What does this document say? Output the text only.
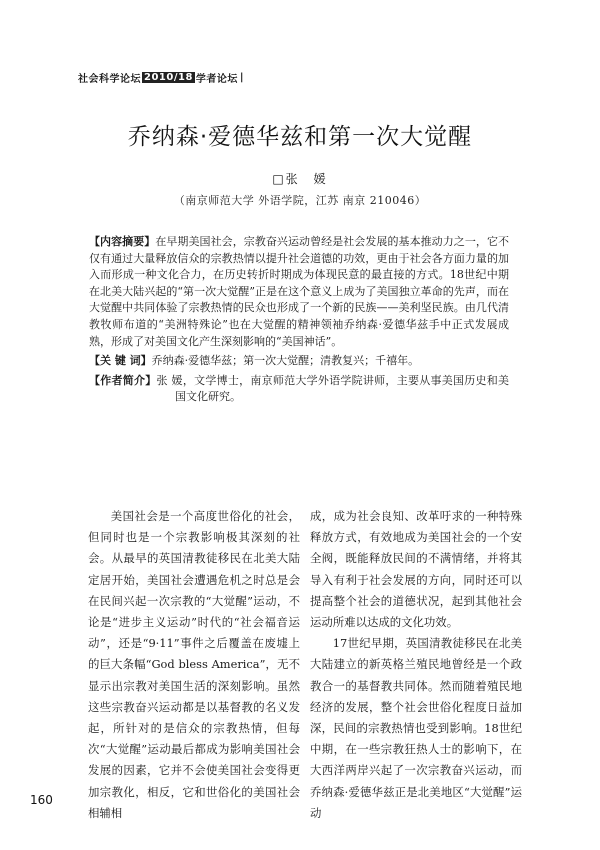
社会科学论坛 2010/18 学者论坛 |
乔纳森·爱德华兹和第一次大觉醒
□张　媛
（南京师范大学 外语学院，江苏 南京 210046）

【内容摘要】在早期美国社会，宗教奋兴运动曾经是社会发展的基本推动力之一，它不仅有通过大量释放信众的宗教热情以提升社会道德的功效，更由于社会各方面力量的加入而形成一种文化合力，在历史转折时期成为体现民意的最直接的方式。18世纪中期在北美大陆兴起的“第一次大觉醒”正是在这个意义上成为了美国独立革命的先声，而在大觉醒中共同体验了宗教热情的民众也形成了一个新的民族——美利坚民族。由几代清教牧师布道的“美洲特殊论”也在大觉醒的精神领袖乔纳森·爱德华兹手中正式发展成熟，形成了对美国文化产生深刻影响的“美国神话”。

【关 键 词】乔纳森·爱德华兹；第一次大觉醒；清教复兴；千禧年。

【作者简介】张 媛，文学博士，南京师范大学外语学院讲师，主要从事美国历史和美国文化研究。

美国社会是一个高度世俗化的社会，但同时也是一个宗教影响极其深刻的社会。从最早的英国清教徒移民在北美大陆定居开始，美国社会遭遇危机之时总是会在民间兴起一次宗教的“大觉醒”运动，不论是“进步主义运动”时代的“社会福音运动”，还是“9·11”事件之后覆盖在废墟上的巨大条幅“God bless America”，无不显示出宗教对美国生活的深刻影响。虽然这些宗教奋兴运动都是以基督教的名义发起，所针对的是信众的宗教热情，但每次“大觉醒”运动最后都成为影响美国社会发展的因素，它并不会使美国社会变得更加宗教化，相反，它和世俗化的美国社会相辅相

成，成为社会良知、改革吁求的一种特殊释放方式，有效地成为美国社会的一个安全阀，既能释放民间的不满情绪，并将其导入有利于社会发展的方向，同时还可以提高整个社会的道德状况，起到其他社会运动所难以达成的文化功效。

17世纪早期，英国清教徒移民在北美大陆建立的新英格兰殖民地曾经是一个政教合一的基督教共同体。然而随着殖民地经济的发展，整个社会世俗化程度日益加深，民间的宗教热情也受到影响。18世纪中期，在一些宗教狂热人士的影响下，在大西洋两岸兴起了一次宗教奋兴运动，而乔纳森·爱德华兹正是北美地区“大觉醒”运动

160
